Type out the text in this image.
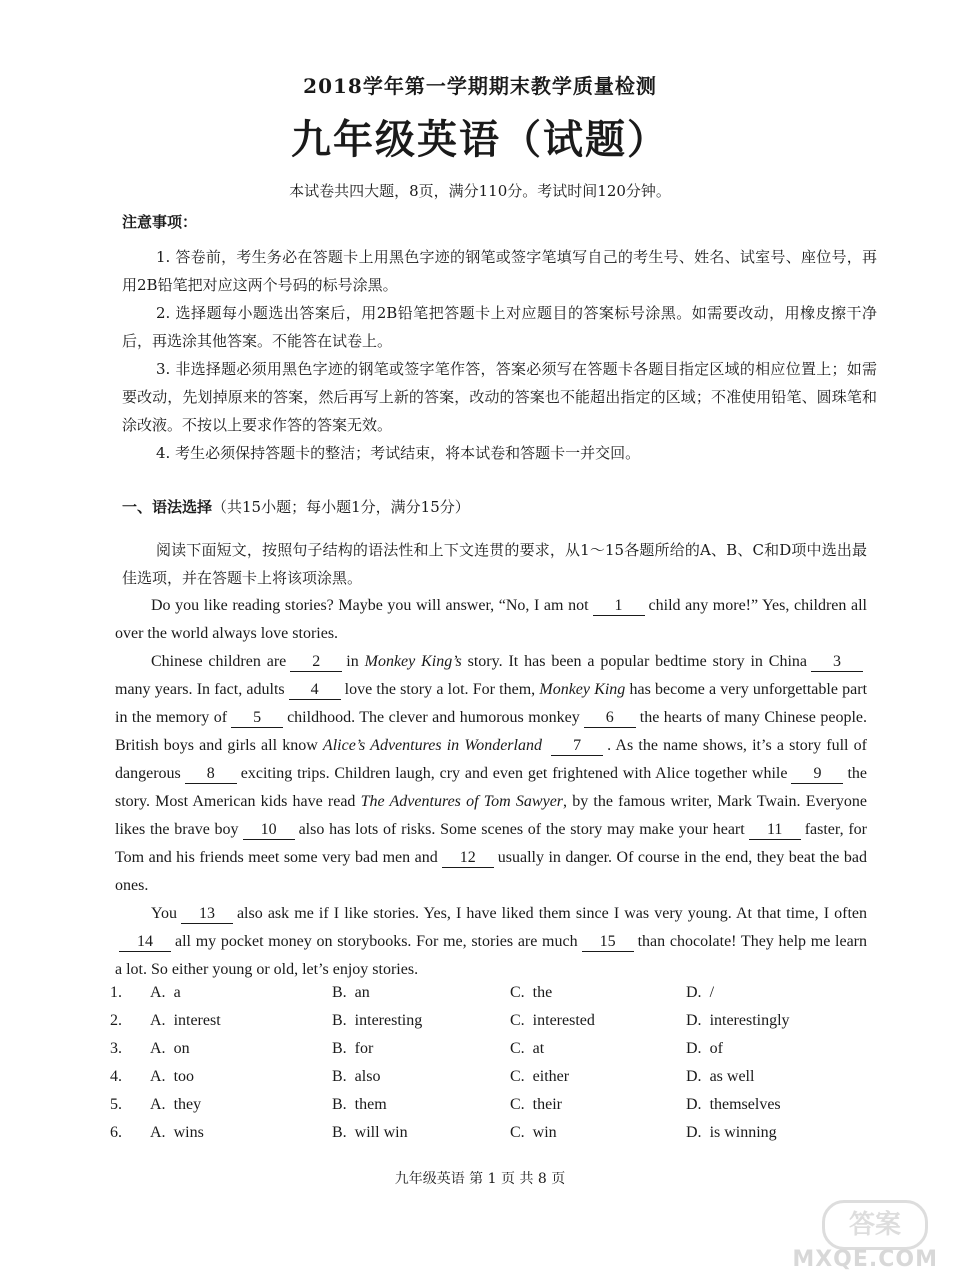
2018学年第一学期期末教学质量检测
九年级英语（试题）
本试卷共四大题，8页，满分110分。考试时间120分钟。
注意事项：
1. 答卷前，考生务必在答题卡上用黑色字迹的钢笔或签字笔填写自己的考生号、姓名、试室号、座位号，再用2B铅笔把对应这两个号码的标号涂黑。
2. 选择题每小题选出答案后，用2B铅笔把答题卡上对应题目的答案标号涂黑。如需要改动，用橡皮擦干净后，再选涂其他答案。不能答在试卷上。
3. 非选择题必须用黑色字迹的钢笔或签字笔作答，答案必须写在答题卡各题目指定区域的相应位置上；如需要改动，先划掉原来的答案，然后再写上新的答案，改动的答案也不能超出指定的区域；不准使用铅笔、圆珠笔和涂改液。不按以上要求作答的答案无效。
4. 考生必须保持答题卡的整洁；考试结束，将本试卷和答题卡一并交回。
一、语法选择（共15小题；每小题1分，满分15分）
阅读下面短文，按照句子结构的语法性和上下文连贯的要求，从1～15各题所给的A、B、C和D项中选出最佳选项，并在答题卡上将该项涂黑。
Do you like reading stories? Maybe you will answer, “No, I am not 1 child any more!” Yes, children all over the world always love stories.
Chinese children are 2 in Monkey King’s story. It has been a popular bedtime story in China 3many years. In fact, adults 4 love the story a lot. For them, Monkey King has become a very unforgettable part in the memory of 5 childhood. The clever and humorous monkey 6 the hearts of many Chinese people. British boys and girls all know Alice’s Adventures in Wonderland 7 . As the name shows, it’s a story full of dangerous 8 exciting trips. Children laugh, cry and even get frightened with Alice together while 9 the story. Most American kids have read The Adventures of Tom Sawyer, by the famous writer, Mark Twain. Everyone likes the brave boy 10 also has lots of risks. Some scenes of the story may make your heart 11 faster, for Tom and his friends meet some very bad men and 12 usually in danger. Of course in the end, they beat the bad ones.
You 13 also ask me if I like stories. Yes, I have liked them since I was very young. At that time, I often14 all my pocket money on storybooks. For me, stories are much 15 than chocolate! They help me learn a lot. So either young or old, let’s enjoy stories.
1. A. a	B. an	C. the	D. /
2. A. interest	B. interesting	C. interested	D. interestingly
3. A. on	B. for	C. at	D. of
4. A. too	B. also	C. either	D. as well
5. A. they	B. them	C. their	D. themselves
6. A. wins	B. will win	C. win	D. is winning
九年级英语 第 1 页 共 8 页
答案
MXQE.COM
